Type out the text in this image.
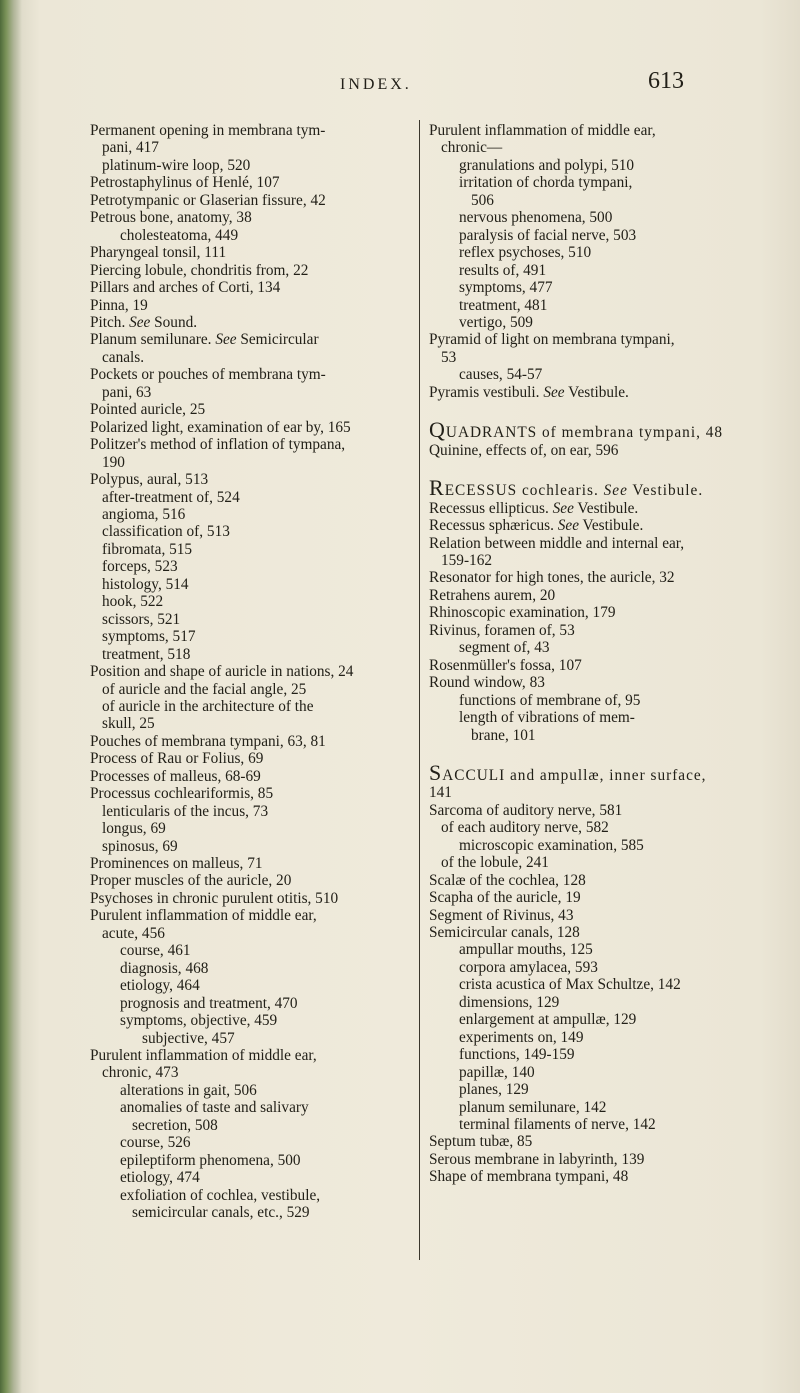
INDEX.	613
Permanent opening in membrana tym-
pani, 417
platinum-wire loop, 520
Petrostaphylinus of Henlé, 107
Petrotympanic or Glaserian fissure, 42
Petrous bone, anatomy, 38
cholesteatoma, 449
Pharyngeal tonsil, 111
Piercing lobule, chondritis from, 22
Pillars and arches of Corti, 134
Pinna, 19
Pitch. See Sound.
Planum semilunare. See Semicircular
canals.
Pockets or pouches of membrana tym-
pani, 63
Pointed auricle, 25
Polarized light, examination of ear by, 165
Politzer's method of inflation of tympana,
190
Polypus, aural, 513
after-treatment of, 524
angioma, 516
classification of, 513
fibromata, 515
forceps, 523
histology, 514
hook, 522
scissors, 521
symptoms, 517
treatment, 518
Position and shape of auricle in nations, 24
of auricle and the facial angle, 25
of auricle in the architecture of the
skull, 25
Pouches of membrana tympani, 63, 81
Process of Rau or Folius, 69
Processes of malleus, 68-69
Processus cochleariformis, 85
lenticularis of the incus, 73
longus, 69
spinosus, 69
Prominences on malleus, 71
Proper muscles of the auricle, 20
Psychoses in chronic purulent otitis, 510
Purulent inflammation of middle ear,
acute, 456
course, 461
diagnosis, 468
etiology, 464
prognosis and treatment, 470
symptoms, objective, 459
subjective, 457
Purulent inflammation of middle ear,
chronic, 473
alterations in gait, 506
anomalies of taste and salivary
secretion, 508
course, 526
epileptiform phenomena, 500
etiology, 474
exfoliation of cochlea, vestibule,
semicircular canals, etc., 529
Purulent inflammation of middle ear,
chronic—
granulations and polypi, 510
irritation of chorda tympani,
506
nervous phenomena, 500
paralysis of facial nerve, 503
reflex psychoses, 510
results of, 491
symptoms, 477
treatment, 481
vertigo, 509
Pyramid of light on membrana tympani,
53
causes, 54-57
Pyramis vestibuli. See Vestibule.
QUADRANTS of membrana tympani, 48
Quinine, effects of, on ear, 596
RECESSUS cochlearis. See Vestibule.
Recessus ellipticus. See Vestibule.
Recessus sphæricus. See Vestibule.
Relation between middle and internal ear,
159-162
Resonator for high tones, the auricle, 32
Retrahens aurem, 20
Rhinoscopic examination, 179
Rivinus, foramen of, 53
segment of, 43
Rosenmüller's fossa, 107
Round window, 83
functions of membrane of, 95
length of vibrations of mem-
brane, 101
SACCULI and ampullæ, inner surface,
141
Sarcoma of auditory nerve, 581
of each auditory nerve, 582
microscopic examination, 585
of the lobule, 241
Scalæ of the cochlea, 128
Scapha of the auricle, 19
Segment of Rivinus, 43
Semicircular canals, 128
ampullar mouths, 125
corpora amylacea, 593
crista acustica of Max Schultze, 142
dimensions, 129
enlargement at ampullæ, 129
experiments on, 149
functions, 149-159
papillæ, 140
planes, 129
planum semilunare, 142
terminal filaments of nerve, 142
Septum tubæ, 85
Serous membrane in labyrinth, 139
Shape of membrana tympani, 48
